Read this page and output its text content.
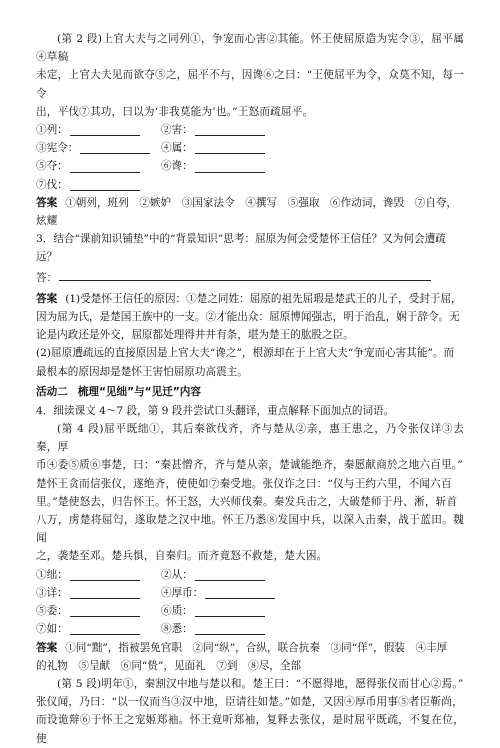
(第 2 段)上官大夫与之同列①，争宠而心害②其能。怀王使屈原造为宪令③，屈平属④草稿

未定，上官大夫见而欲夺⑤之，屈平不与，因谗⑥之曰：“王使屈平为令，众莫不知，每一令

出，平伐⑦其功，曰以为‘非我莫能为’也。”王怒而疏屈平。

①列：	②害：
③宪令：	④属：
⑤夺：	⑥谗：
⑦伐：

答案 ①朝列，班列　②嫉妒　③国家法令　④撰写　⑤强取　⑥作动词，谗毁　⑦自夸，

炫耀

3．结合“课前知识铺垫”中的“背景知识”思考：屈原为何会受楚怀王信任？又为何会遭疏

远？

答：

答案 (1)受楚怀王信任的原因：①楚之同姓：屈原的祖先屈瑕是楚武王的儿子，受封于屈，

因为屈为氏，是楚国王族中的一支。②才能出众：屈原博闻强志，明于治乱，娴于辞令。无

论是内政还是外交，屈原都处理得井井有条，堪为楚王的肱股之臣。

(2)屈原遭疏远的直接原因是上官大夫“谗之”，根源却在于上官大夫“争宠而心害其能”。而

最根本的原因却是楚怀王害怕屈原功高震主。

活动二 梳理“见绌”与“见迁”内容

4．细读课文 4～7 段，第 9 段并尝试口头翻译，重点解释下面加点的词语。

(第 4 段)屈平既绌①，其后秦欲伐齐，齐与楚从②亲，惠王患之，乃令张仪详③去秦，厚

币④委⑤质⑥事楚，曰：“秦甚憎齐，齐与楚从亲，楚诚能绝齐，秦愿献商於之地六百里。”

楚怀王贪而信张仪，遂绝齐，使使如⑦秦受地。张仪诈之曰：“仪与王约六里，不闻六百

里。”楚使怒去，归告怀王。怀王怒，大兴师伐秦。秦发兵击之，大破楚师于丹、淅，斩首

八万，虏楚将屈匄，遂取楚之汉中地。怀王乃悉⑧发国中兵，以深入击秦，战于蓝田。魏闻

之，袭楚至邓。楚兵惧，自秦归。而齐竟怒不救楚，楚大困。

①绌：	②从：
③详：	④厚币：
⑤委：	⑥质：
⑦如：	⑧悉：

答案 ①同“黜”，指被罢免官职　②同“纵”，合纵，联合抗秦　③同“佯”，假装　④丰厚

的礼物　⑤呈献　⑥同“贽”，见面礼　⑦到　⑧尽，全部

(第 5 段)明年①，秦割汉中地与楚以和。楚王曰：“不愿得地，愿得张仪而甘心②焉。”

张仪闻，乃曰：“以一仪而当③汉中地，臣请往如楚。”如楚，又因④厚币用事⑤者臣靳尚，

而设诡辩⑥于怀王之宠姬郑袖。怀王竟听郑袖，复释去张仪，是时屈平既疏，不复在位，使
